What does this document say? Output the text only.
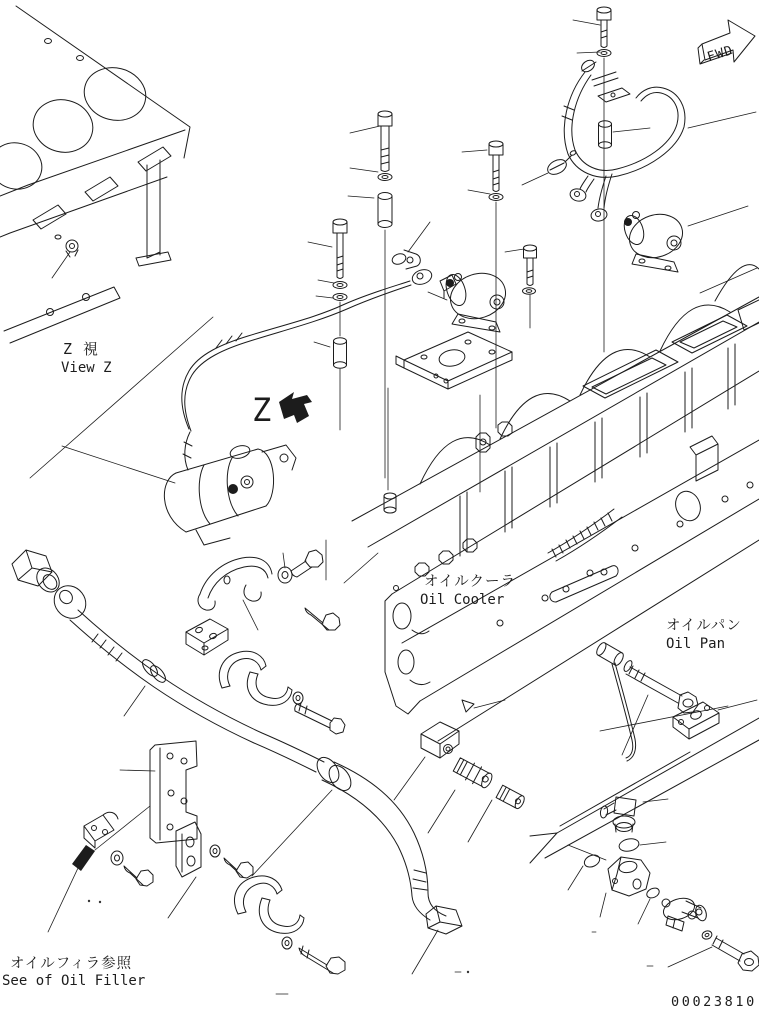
FWD
Z
Z 視
View Z
オイルクーラ
Oil Cooler
オイルパン
Oil Pan
オイルフィラ参照
See of Oil Filler
00023810
